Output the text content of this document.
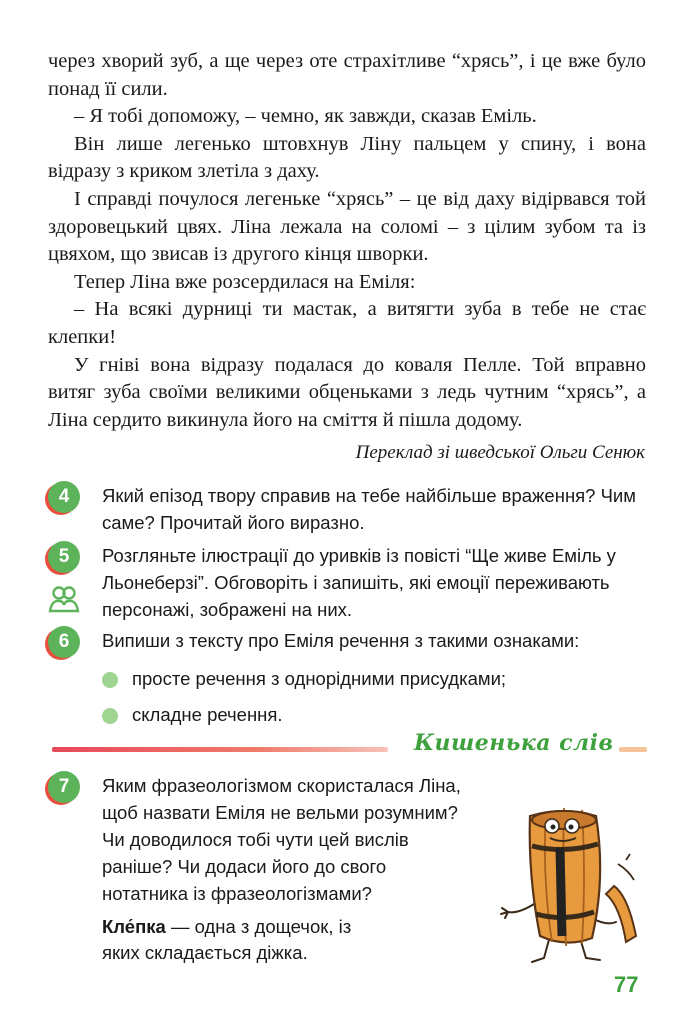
через хворий зуб, а ще через оте страхітливе “хрясь”, і це вже було понад її сили.

– Я тобі допоможу, – чемно, як завжди, сказав Еміль.

Він лише легенько штовхнув Ліну пальцем у спину, і вона відразу з криком злетіла з даху.

І справді почулося легеньке “хрясь” – це від даху відірвався той здоровецький цвях. Ліна лежала на соломі – з цілим зубом та із цвяхом, що звисав із другого кінця шворки.

Тепер Ліна вже розсердилася на Еміля:

– На всякі дурниці ти мастак, а витягти зуба в тебе не стає клепки!

У гніві вона відразу подалася до коваля Пелле. Той вправно витяг зуба своїми великими обценьками з ледь чутним “хрясь”, а Ліна сердито викинула його на сміття й пішла додому.

Переклад зі шведської Ольги Сенюк
4	Який епізод твору справив на тебе найбільше враження? Чим саме? Прочитай його виразно.
5	Розгляньте ілюстрації до уривків із повісті “Ще живе Еміль у Льонеберзі”. Обговоріть і запишіть, які емоції переживають персонажі, зображені на них.
6	Випиши з тексту про Еміля речення з такими ознаками:
просте речення з однорідними присудками;
складне речення.
Кишенька слів
7	Яким фразеологізмом скористалася Ліна, щоб назвати Еміля не вельми розумним? Чи доводилося тобі чути цей вислів раніше? Чи додаси його до свого нотатника із фразеологізмами?
Кле́пка — одна з дощечок, із яких складається діжка.
77
